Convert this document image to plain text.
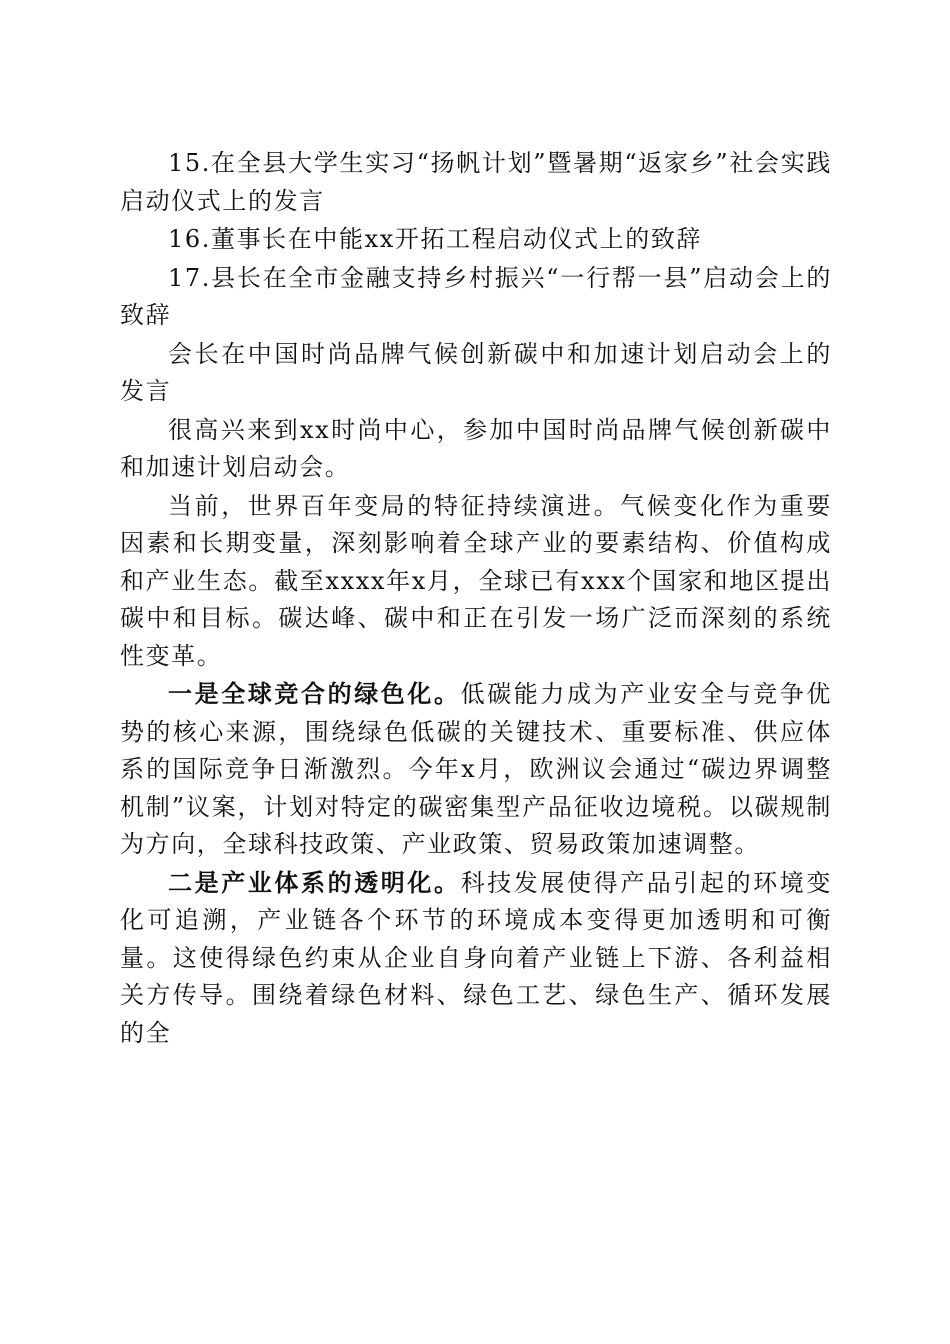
15.在全县大学生实习“扬帆计划”暨暑期“返家乡”社会实践启动仪式上的发言

16.董事长在中能xx开拓工程启动仪式上的致辞

17.县长在全市金融支持乡村振兴“一行帮一县”启动会上的致辞

会长在中国时尚品牌气候创新碳中和加速计划启动会上的发言

很高兴来到xx时尚中心，参加中国时尚品牌气候创新碳中和加速计划启动会。

当前，世界百年变局的特征持续演进。气候变化作为重要因素和长期变量，深刻影响着全球产业的要素结构、价值构成和产业生态。截至xxxx年x月，全球已有xxx个国家和地区提出碳中和目标。碳达峰、碳中和正在引发一场广泛而深刻的系统性变革。

一是全球竞合的绿色化。低碳能力成为产业安全与竞争优势的核心来源，围绕绿色低碳的关键技术、重要标准、供应体系的国际竞争日渐激烈。今年x月，欧洲议会通过“碳边界调整机制”议案，计划对特定的碳密集型产品征收边境税。以碳规制为方向，全球科技政策、产业政策、贸易政策加速调整。

二是产业体系的透明化。科技发展使得产品引起的环境变化可追溯，产业链各个环节的环境成本变得更加透明和可衡量。这使得绿色约束从企业自身向着产业链上下游、各利益相关方传导。围绕着绿色材料、绿色工艺、绿色生产、循环发展的全
